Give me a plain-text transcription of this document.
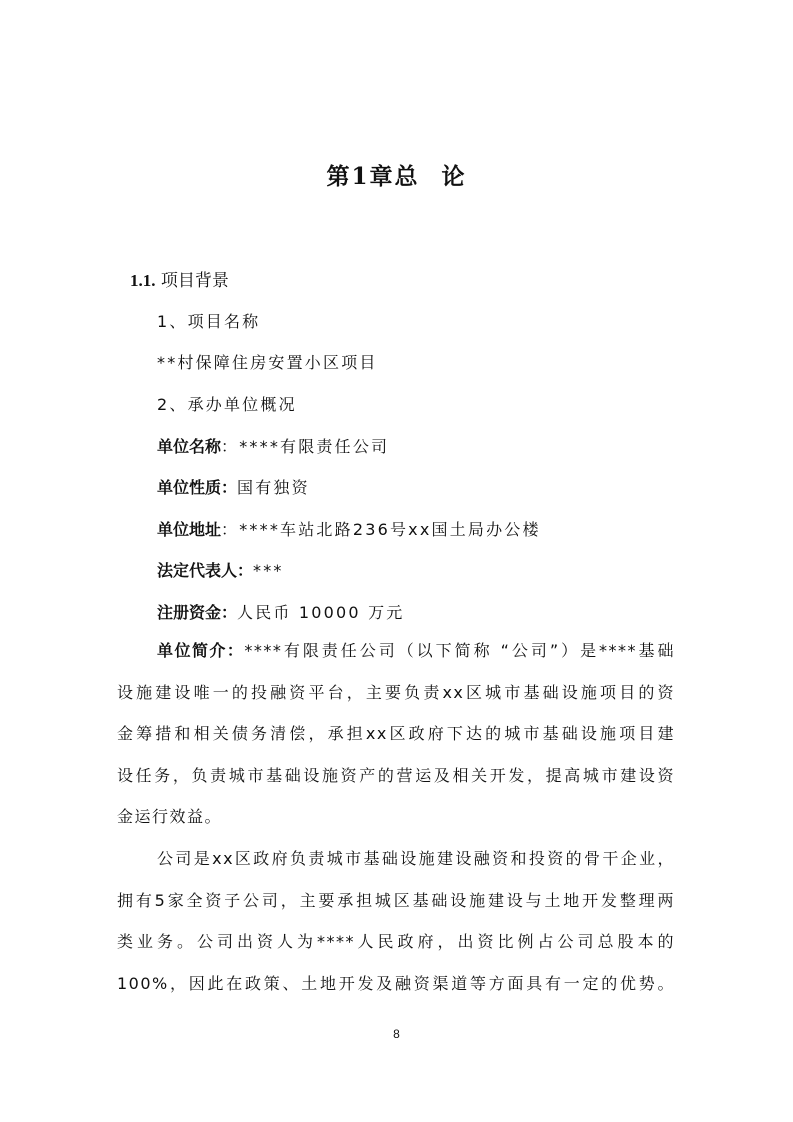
第1章总 论
1.1. 项目背景
1、项目名称
**村保障住房安置小区项目
2、承办单位概况
单位名称：****有限责任公司
单位性质：国有独资
单位地址：****车站北路236号xx国土局办公楼
法定代表人：***
注册资金：人民币 10000 万元
单位简介：****有限责任公司（以下简称 “公司”）是****基础
设施建设唯一的投融资平台，主要负责xx区城市基础设施项目的资
金筹措和相关债务清偿，承担xx区政府下达的城市基础设施项目建
设任务，负责城市基础设施资产的营运及相关开发，提高城市建设资
金运行效益。
公司是xx区政府负责城市基础设施建设融资和投资的骨干企业，
拥有5家全资子公司，主要承担城区基础设施建设与土地开发整理两
类业务。公司出资人为****人民政府，出资比例占公司总股本的
100%，因此在政策、土地开发及融资渠道等方面具有一定的优势。
8
